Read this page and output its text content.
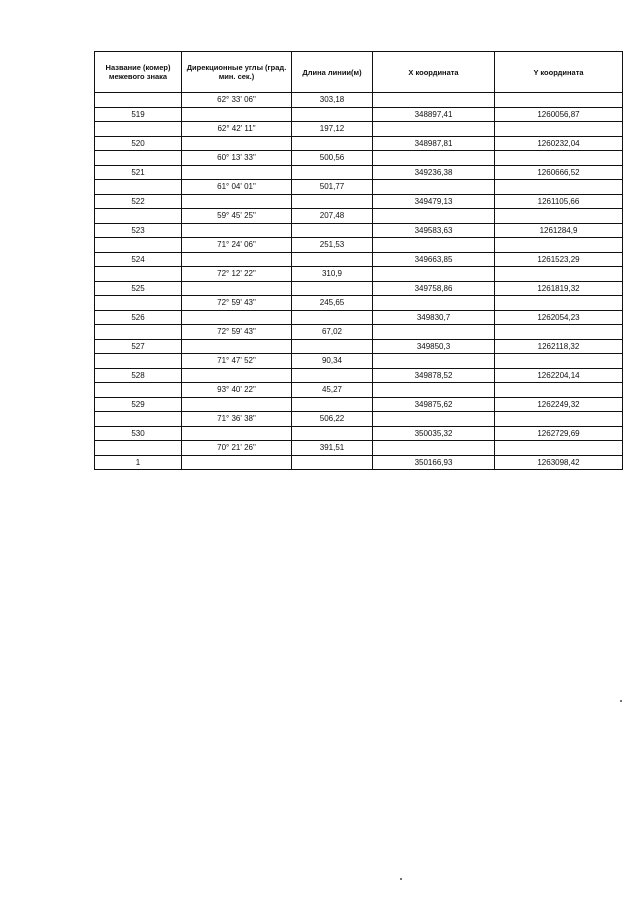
Название (комер) межевого знака	Дирекционные углы (град. мин. сек.)	Длина линии(м)	X координата	Y координата
	62° 33' 06"	303,18		
519			348897,41	1260056,87
	62° 42' 11"	197,12		
520			348987,81	1260232,04
	60° 13' 33"	500,56		
521			349236,38	1260666,52
	61° 04' 01"	501,77		
522			349479,13	1261105,66
	59° 45' 25"	207,48		
523			349583,63	1261284,9
	71° 24' 06"	251,53		
524			349663,85	1261523,29
	72° 12' 22"	310,9		
525			349758,86	1261819,32
	72° 59' 43"	245,65		
526			349830,7	1262054,23
	72° 59' 43"	67,02		
527			349850,3	1262118,32
	71° 47' 52"	90,34		
528			349878,52	1262204,14
	93° 40' 22"	45,27		
529			349875,62	1262249,32
	71° 36' 38"	506,22		
530			350035,32	1262729,69
	70° 21' 26"	391,51		
1			350166,93	1263098,42
